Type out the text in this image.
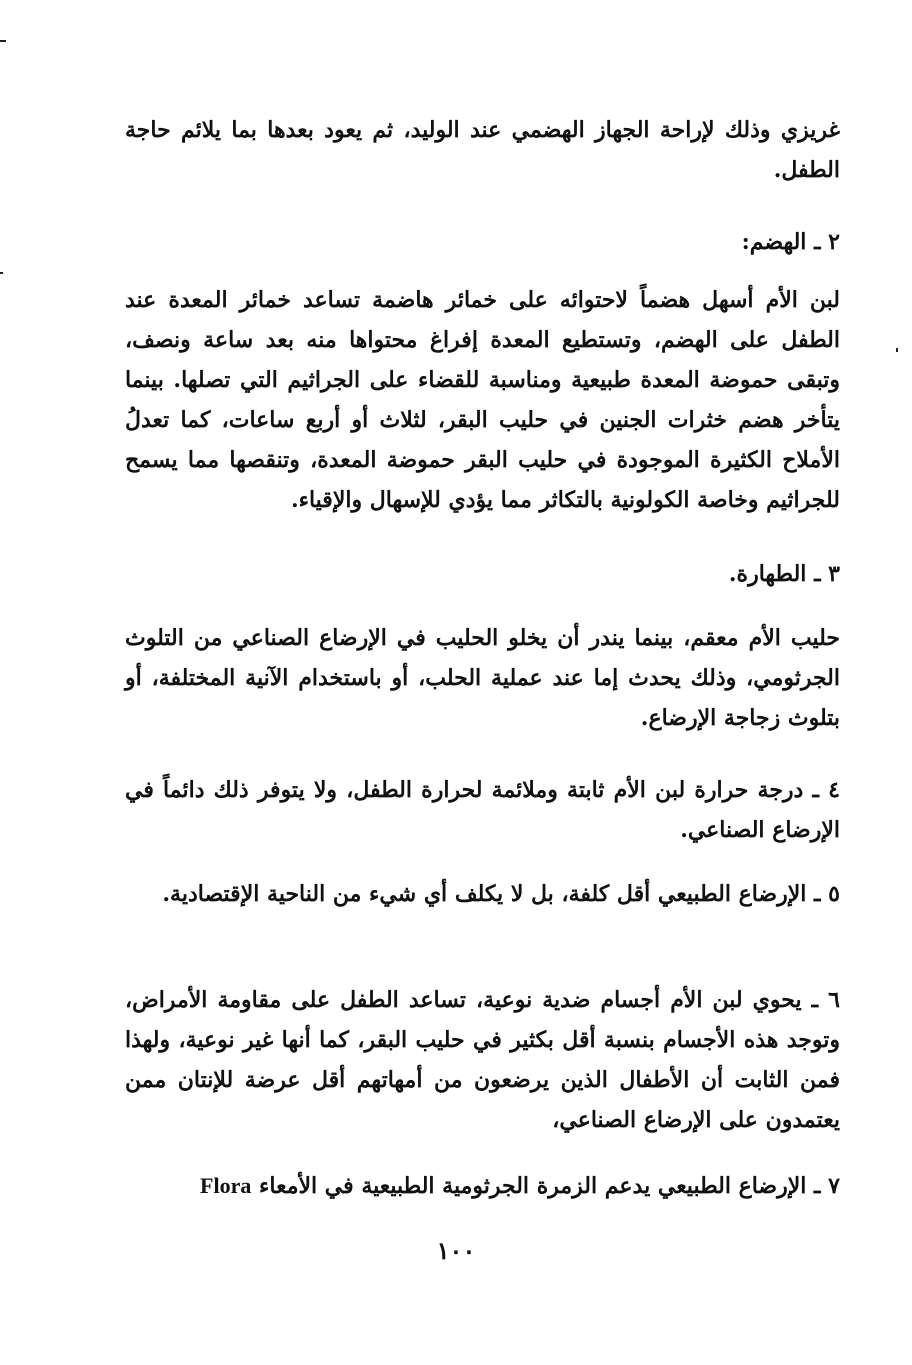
غريزي وذلك لإراحة الجهاز الهضمي عند الوليد، ثم يعود بعدها بما يلائم حاجة الطفل.

٢ ـ الهضم:

لبن الأم أسهل هضماً لاحتوائه على خمائر هاضمة تساعد خمائر المعدة عند الطفل على الهضم، وتستطيع المعدة إفراغ محتواها منه بعد ساعة ونصف، وتبقى حموضة المعدة طبيعية ومناسبة للقضاء على الجراثيم التي تصلها. بينما يتأخر هضم خثرات الجنين في حليب البقر، لثلاث أو أربع ساعات، كما تعدلُ الأملاح الكثيرة الموجودة في حليب البقر حموضة المعدة، وتنقصها مما يسمح للجراثيم وخاصة الكولونية بالتكاثر مما يؤدي للإسهال والإقياء.

٣ ـ الطهارة.

حليب الأم معقم، بينما يندر أن يخلو الحليب في الإرضاع الصناعي من التلوث الجرثومي، وذلك يحدث إما عند عملية الحلب، أو باستخدام الآنية المختلفة، أو بتلوث زجاجة الإرضاع.

٤ ـ درجة حرارة لبن الأم ثابتة وملائمة لحرارة الطفل، ولا يتوفر ذلك دائماً في الإرضاع الصناعي.

٥ ـ الإرضاع الطبيعي أقل كلفة، بل لا يكلف أي شيء من الناحية الإقتصادية.

٦ ـ يحوي لبن الأم أجسام ضدية نوعية، تساعد الطفل على مقاومة الأمراض، وتوجد هذه الأجسام بنسبة أقل بكثير في حليب البقر، كما أنها غير نوعية، ولهذا فمن الثابت أن الأطفال الذين يرضعون من أمهاتهم أقل عرضة للإنتان ممن يعتمدون على الإرضاع الصناعي،

٧ ـ الإرضاع الطبيعي يدعم الزمرة الجرثومية الطبيعية في الأمعاء Flora

١٠٠
